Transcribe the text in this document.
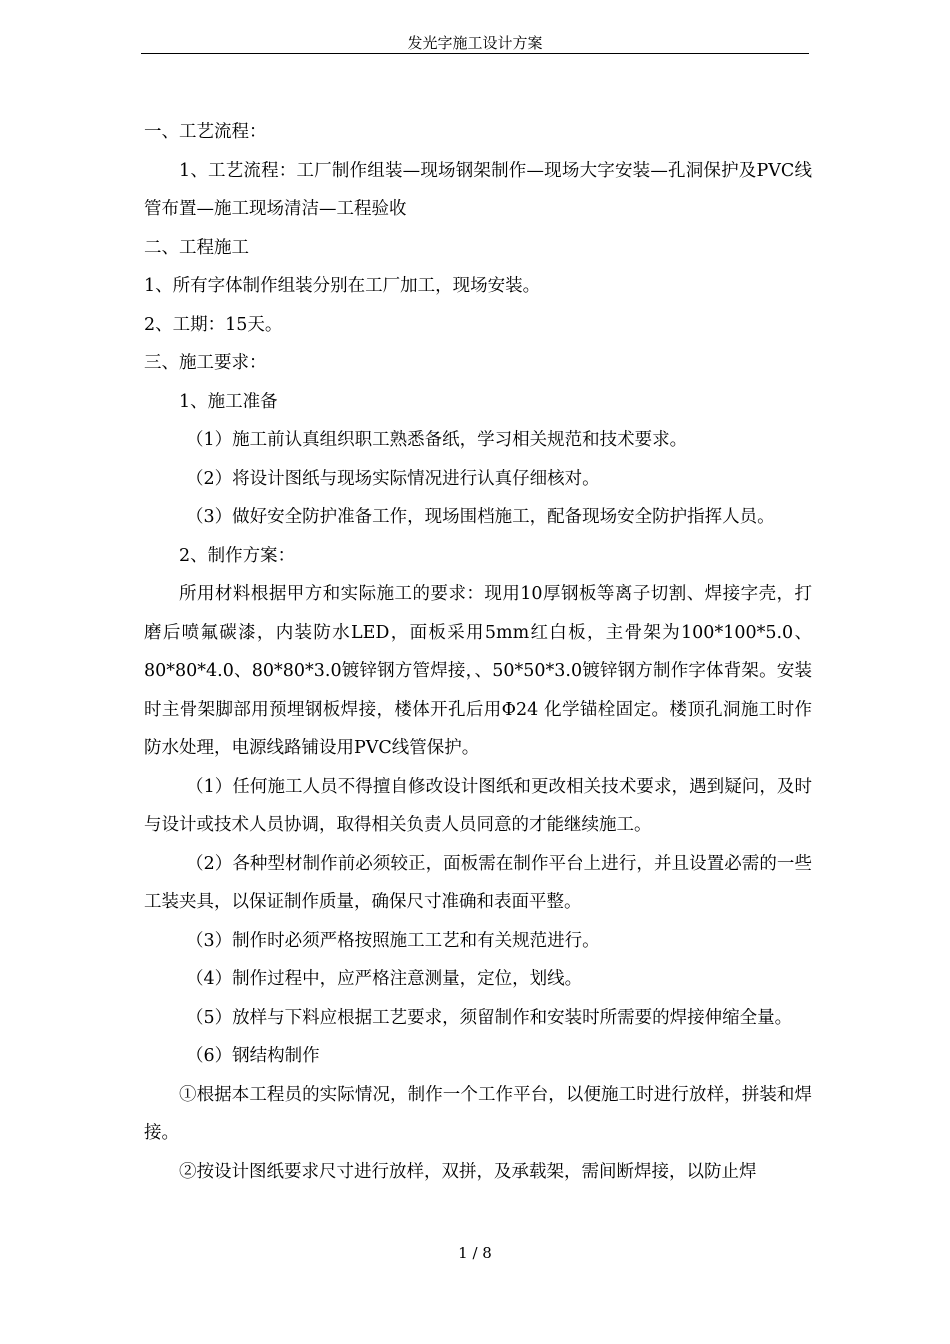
发光字施工设计方案

一、工艺流程：

1、工艺流程：工厂制作组装—现场钢架制作—现场大字安装—孔洞保护及PVC线管布置—施工现场清洁—工程验收

二、工程施工

1、所有字体制作组装分别在工厂加工，现场安装。

2、工期：15天。

三、施工要求：

1、施工准备

（1）施工前认真组织职工熟悉备纸，学习相关规范和技术要求。

（2）将设计图纸与现场实际情况进行认真仔细核对。

（3）做好安全防护准备工作，现场围档施工，配备现场安全防护指挥人员。

2、制作方案：

所用材料根据甲方和实际施工的要求：现用10厚钢板等离子切割、焊接字壳，打磨后喷氟碳漆，内装防水LED，面板采用5mm红白板，主骨架为100*100*5.0、80*80*4.0、80*80*3.0镀锌钢方管焊接，、50*50*3.0镀锌钢方制作字体背架。安装时主骨架脚部用预埋钢板焊接，楼体开孔后用Φ24 化学锚栓固定。楼顶孔洞施工时作防水处理，电源线路铺设用PVC线管保护。

（1）任何施工人员不得擅自修改设计图纸和更改相关技术要求，遇到疑问，及时与设计或技术人员协调，取得相关负责人员同意的才能继续施工。

（2）各种型材制作前必须较正，面板需在制作平台上进行，并且设置必需的一些工装夹具，以保证制作质量，确保尺寸准确和表面平整。

（3）制作时必须严格按照施工工艺和有关规范进行。

（4）制作过程中，应严格注意测量，定位，划线。

（5）放样与下料应根据工艺要求，须留制作和安装时所需要的焊接伸缩全量。

（6）钢结构制作

①根据本工程员的实际情况，制作一个工作平台，以便施工时进行放样，拼装和焊接。

②按设计图纸要求尺寸进行放样，双拼，及承载架，需间断焊接，以防止焊

1 / 8
